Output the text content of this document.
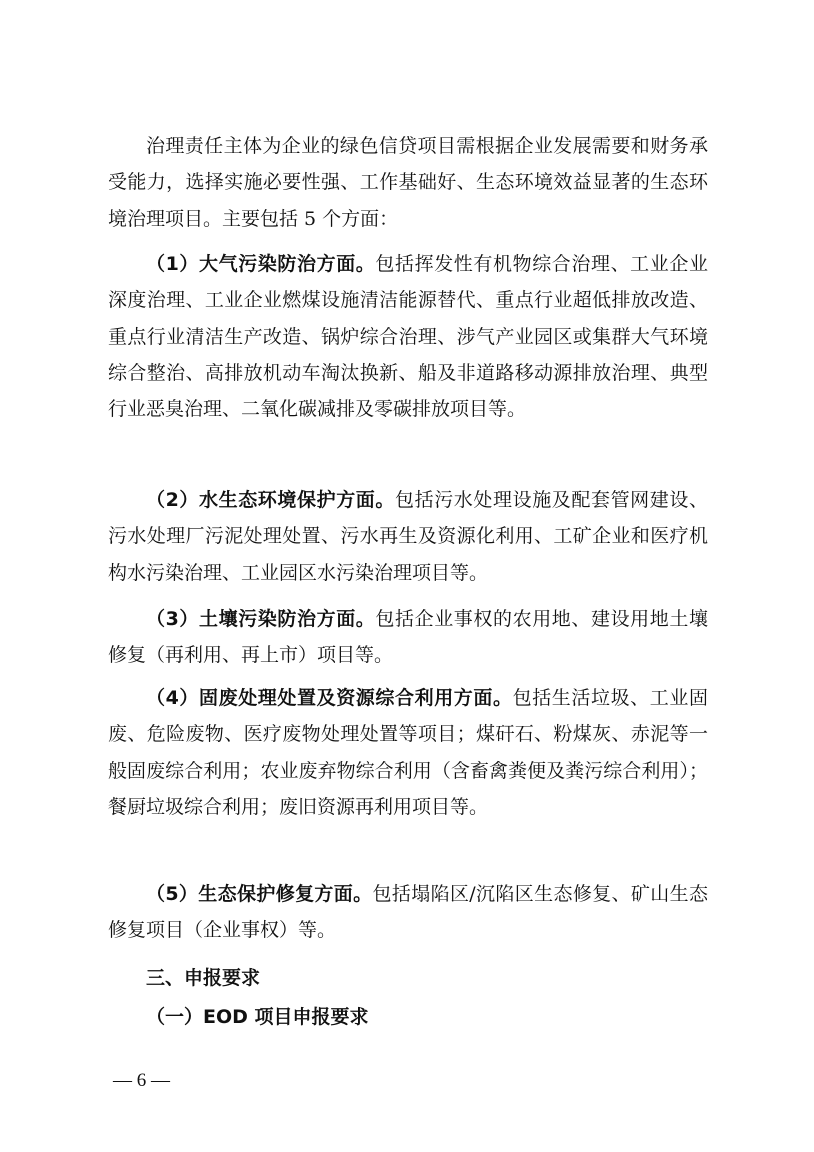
治理责任主体为企业的绿色信贷项目需根据企业发展需要和财务承受能力，选择实施必要性强、工作基础好、生态环境效益显著的生态环境治理项目。主要包括 5 个方面：

（1）大气污染防治方面。包括挥发性有机物综合治理、工业企业深度治理、工业企业燃煤设施清洁能源替代、重点行业超低排放改造、重点行业清洁生产改造、锅炉综合治理、涉气产业园区或集群大气环境综合整治、高排放机动车淘汰换新、船及非道路移动源排放治理、典型行业恶臭治理、二氧化碳减排及零碳排放项目等。

（2）水生态环境保护方面。包括污水处理设施及配套管网建设、污水处理厂污泥处理处置、污水再生及资源化利用、工矿企业和医疗机构水污染治理、工业园区水污染治理项目等。

（3）土壤污染防治方面。包括企业事权的农用地、建设用地土壤修复（再利用、再上市）项目等。

（4）固废处理处置及资源综合利用方面。包括生活垃圾、工业固废、危险废物、医疗废物处理处置等项目；煤矸石、粉煤灰、赤泥等一般固废综合利用；农业废弃物综合利用（含畜禽粪便及粪污综合利用）；餐厨垃圾综合利用；废旧资源再利用项目等。

（5）生态保护修复方面。包括塌陷区/沉陷区生态修复、矿山生态修复项目（企业事权）等。

三、申报要求

（一）EOD 项目申报要求

— 6 —
